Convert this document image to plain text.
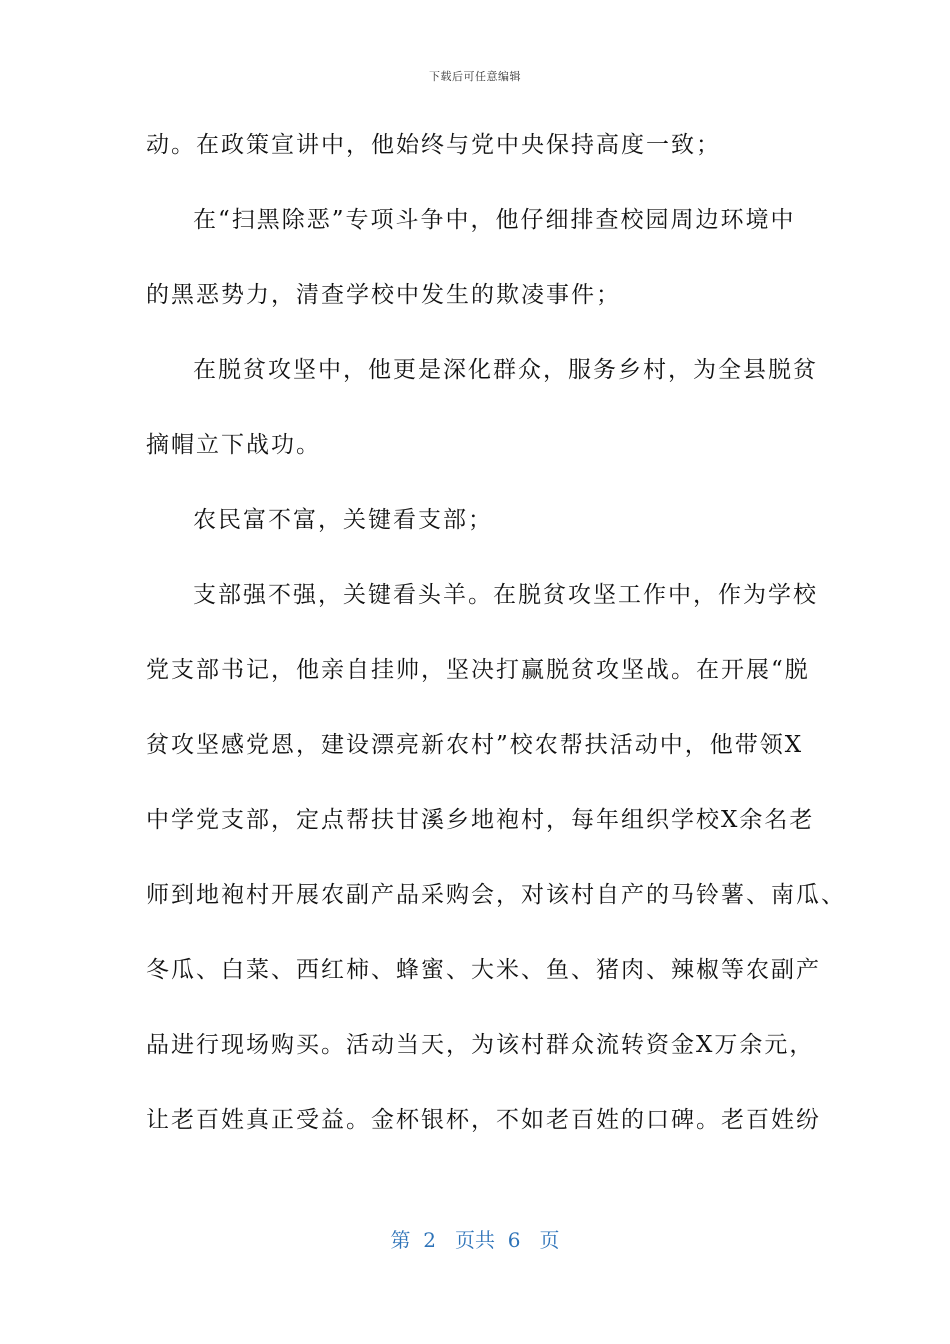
下载后可任意编辑
动。在政策宣讲中，他始终与党中央保持高度一致；
在“扫黑除恶”专项斗争中，他仔细排查校园周边环境中
的黑恶势力，清查学校中发生的欺凌事件；
在脱贫攻坚中，他更是深化群众，服务乡村，为全县脱贫
摘帽立下战功。
农民富不富，关键看支部；
支部强不强，关键看头羊。在脱贫攻坚工作中，作为学校
党支部书记，他亲自挂帅，坚决打赢脱贫攻坚战。在开展“脱
贫攻坚感党恩，建设漂亮新农村”校农帮扶活动中，他带领X
中学党支部，定点帮扶甘溪乡地袍村，每年组织学校X余名老
师到地袍村开展农副产品采购会，对该村自产的马铃薯、南瓜、
冬瓜、白菜、西红柿、蜂蜜、大米、鱼、猪肉、辣椒等农副产
品进行现场购买。活动当天，为该村群众流转资金X万余元，
让老百姓真正受益。金杯银杯，不如老百姓的口碑。老百姓纷
第  2   页共  6   页
